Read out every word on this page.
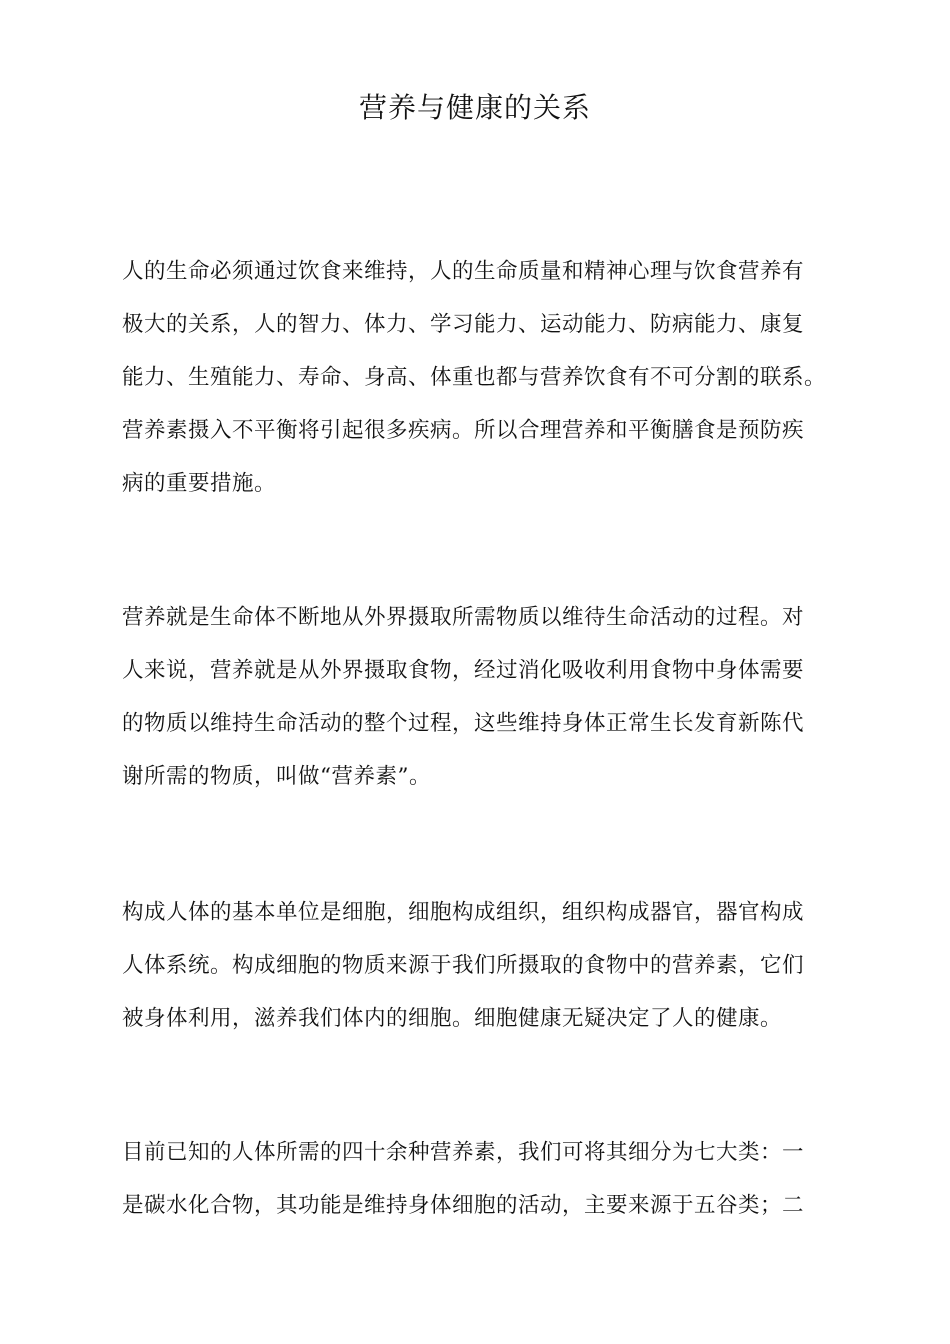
营养与健康的关系
人的生命必须通过饮食来维持，人的生命质量和精神心理与饮食营养有
极大的关系，人的智力、体力、学习能力、运动能力、防病能力、康复
能力、生殖能力、寿命、身高、体重也都与营养饮食有不可分割的联系。
营养素摄入不平衡将引起很多疾病。所以合理营养和平衡膳食是预防疾
病的重要措施。
营养就是生命体不断地从外界摄取所需物质以维待生命活动的过程。对
人来说，营养就是从外界摄取食物，经过消化吸收利用食物中身体需要
的物质以维持生命活动的整个过程，这些维持身体正常生长发育新陈代
谢所需的物质，叫做“营养素”。
构成人体的基本单位是细胞，细胞构成组织，组织构成器官，器官构成
人体系统。构成细胞的物质来源于我们所摄取的食物中的营养素，它们
被身体利用，滋养我们体内的细胞。细胞健康无疑决定了人的健康。
目前已知的人体所需的四十余种营养素，我们可将其细分为七大类：一
是碳水化合物，其功能是维持身体细胞的活动，主要来源于五谷类；二
